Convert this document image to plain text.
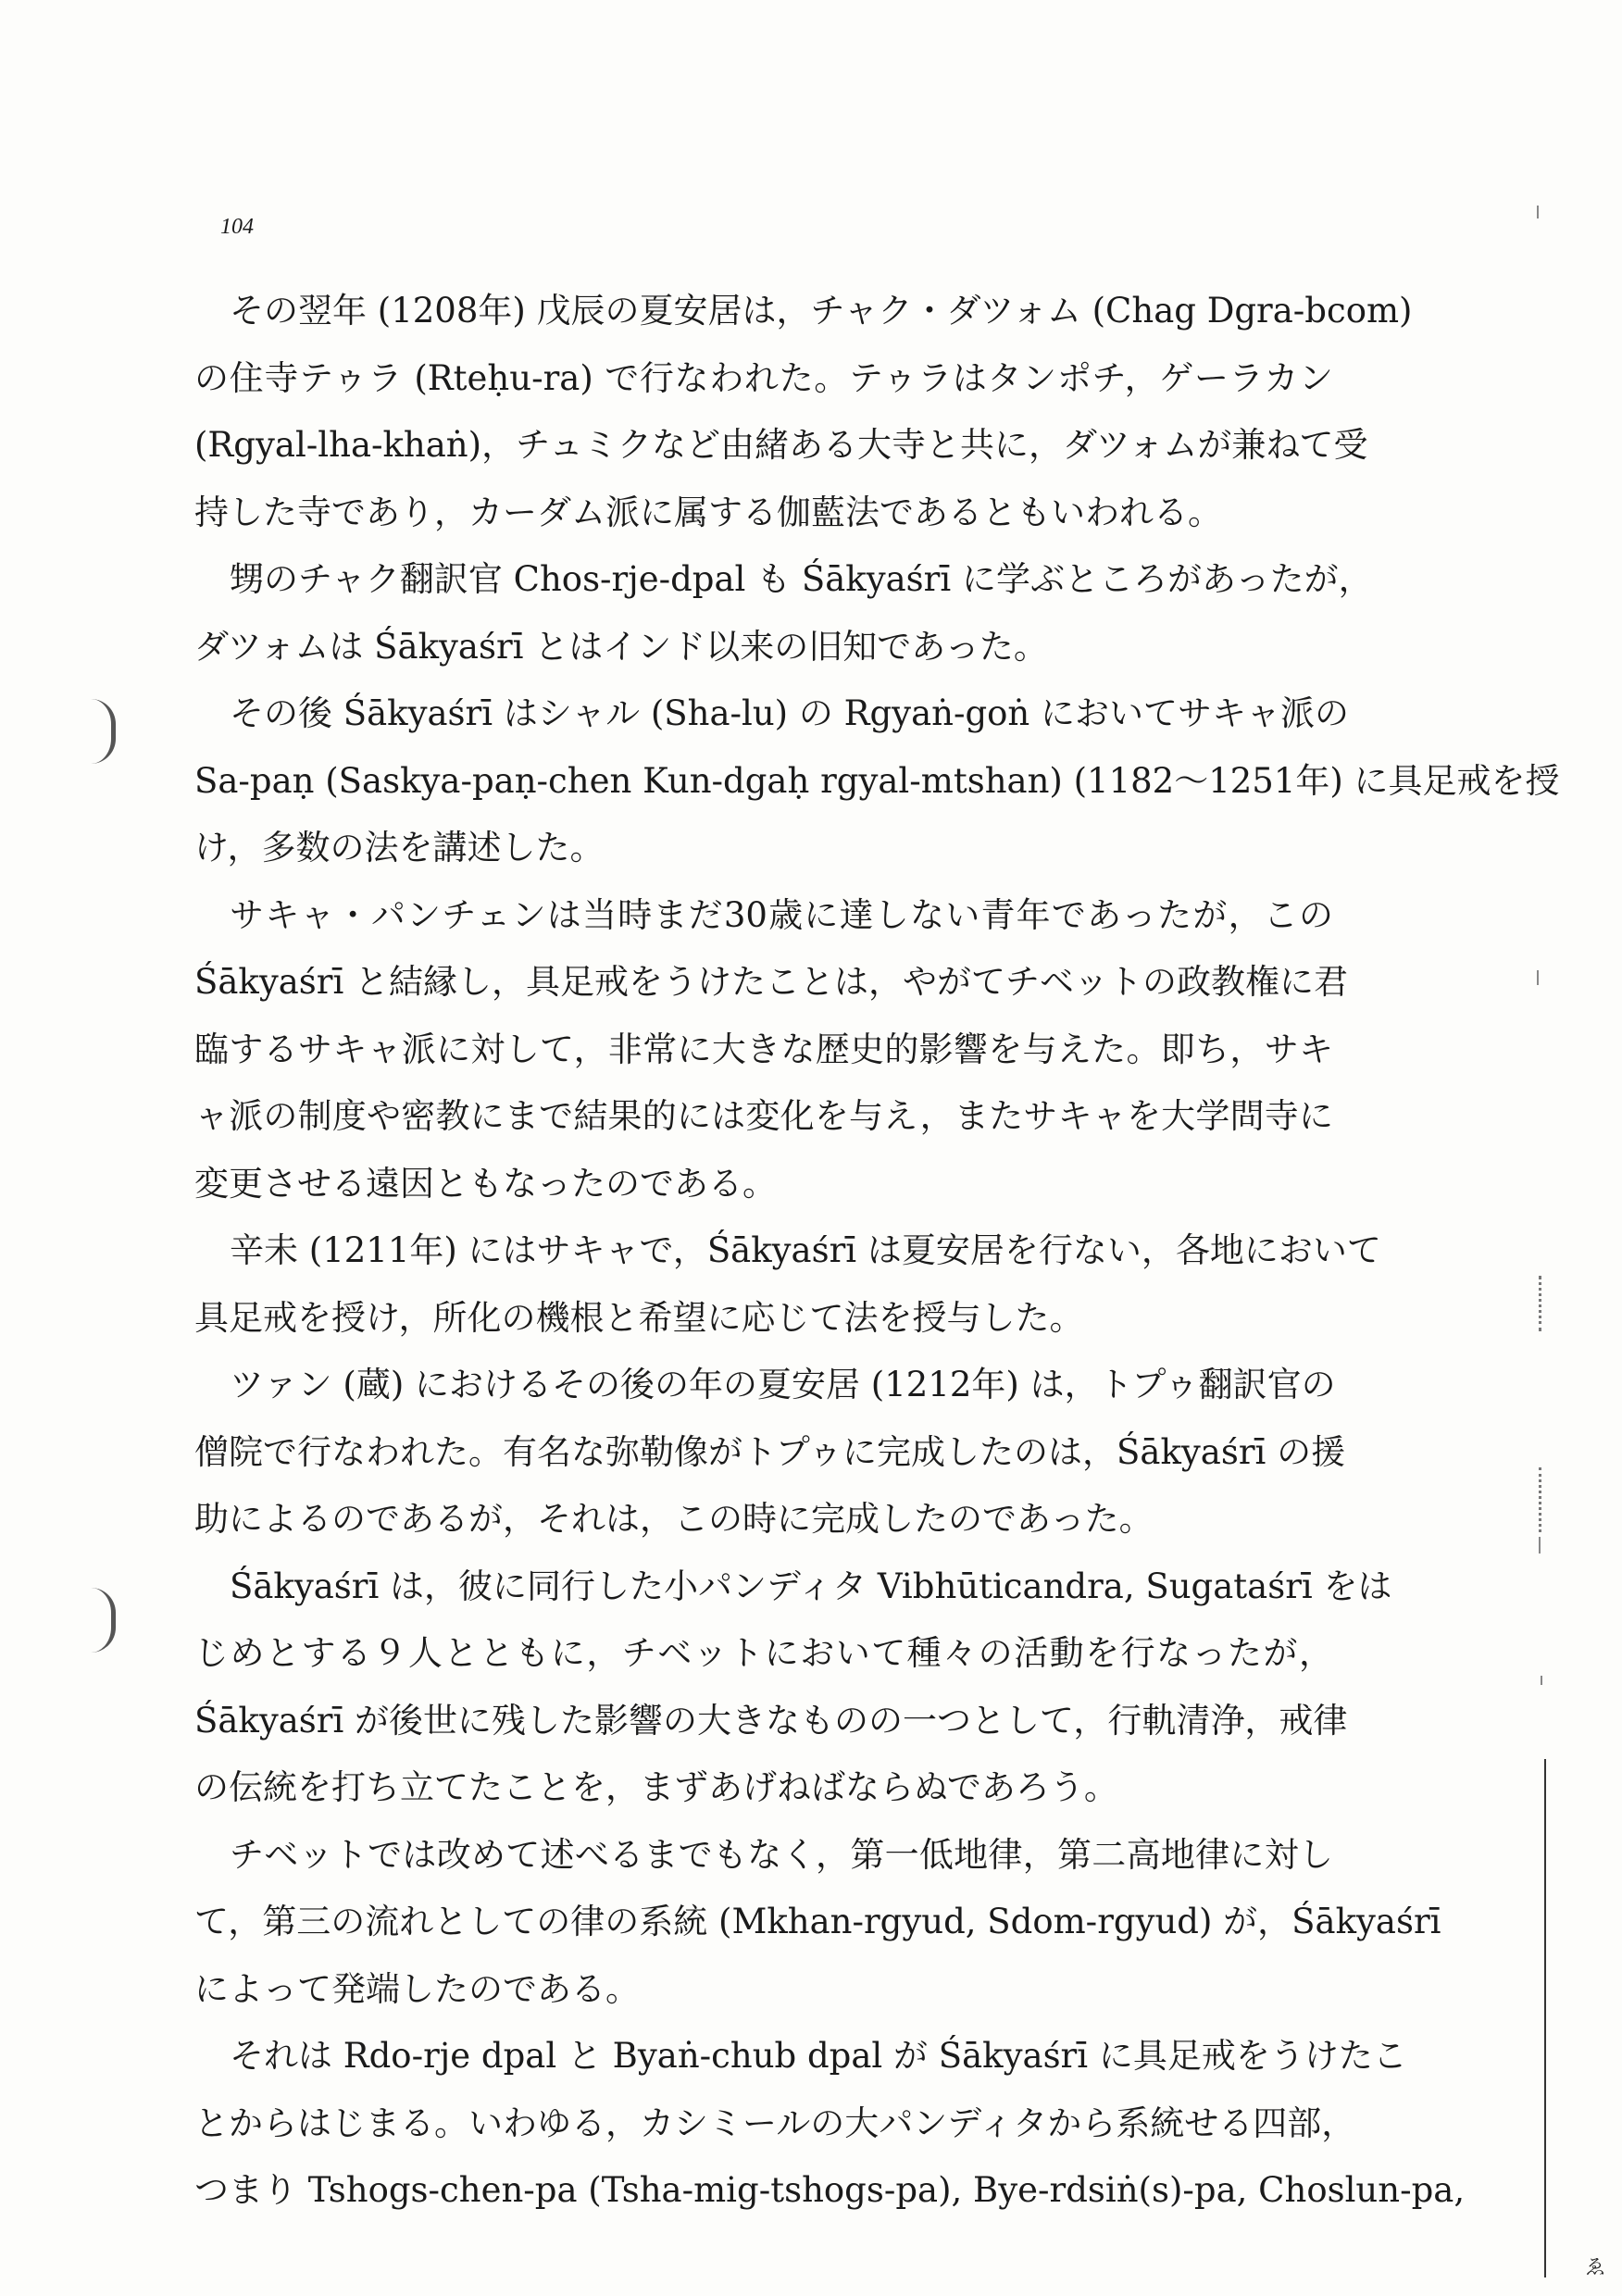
104
その翌年 (1208年) 戊辰の夏安居は，チャク・ダツォム (Chag Dgra-bcom)
の住寺テゥラ (Rteḥu-ra) で行なわれた。テゥラはタンポチ，ゲーラカン
(Rgyal-lha-khaṅ)，チュミクなど由緒ある大寺と共に，ダツォムが兼ねて受
持した寺であり，カーダム派に属する伽藍法であるともいわれる。
甥のチャク翻訳官 Chos-rje-dpal も Śākyaśrī に学ぶところがあったが，
ダツォムは Śākyaśrī とはインド以来の旧知であった。
その後 Śākyaśrī はシャル (Sha-lu) の Rgyaṅ-goṅ においてサキャ派の
Sa-paṇ (Saskya-paṇ-chen Kun-dgaḥ rgyal-mtshan) (1182〜1251年) に具足戒を授
け，多数の法を講述した。
サキャ・パンチェンは当時まだ30歳に達しない青年であったが，この
Śākyaśrī と結縁し，具足戒をうけたことは，やがてチベットの政教権に君
臨するサキャ派に対して，非常に大きな歴史的影響を与えた。即ち，サキ
ャ派の制度や密教にまで結果的には変化を与え，またサキャを大学問寺に
変更させる遠因ともなったのである。
辛未 (1211年) にはサキャで，Śākyaśrī は夏安居を行ない，各地において
具足戒を授け，所化の機根と希望に応じて法を授与した。
ツァン (蔵) におけるその後の年の夏安居 (1212年) は，トプゥ翻訳官の
僧院で行なわれた。有名な弥勒像がトプゥに完成したのは，Śākyaśrī の援
助によるのであるが，それは，この時に完成したのであった。
Śākyaśrī は，彼に同行した小パンディタ Vibhūticandra, Sugataśrī をは
じめとする９人とともに，チベットにおいて種々の活動を行なったが，
Śākyaśrī が後世に残した影響の大きなものの一つとして，行軌清浄，戒律
の伝統を打ち立てたことを，まずあげねばならぬであろう。
チベットでは改めて述べるまでもなく，第一低地律，第二高地律に対し
て，第三の流れとしての律の系統 (Mkhan-rgyud, Sdom-rgyud) が，Śākyaśrī
によって発端したのである。
それは Rdo-rje dpal と Byaṅ-chub dpal が Śākyaśrī に具足戒をうけたこ
とからはじまる。いわゆる，カシミールの大パンディタから系統せる四部，
つまり Tshogs-chen-pa (Tsha-mig-tshogs-pa), Bye-rdsiṅ(s)-pa, Choslun-pa,
ゑ
